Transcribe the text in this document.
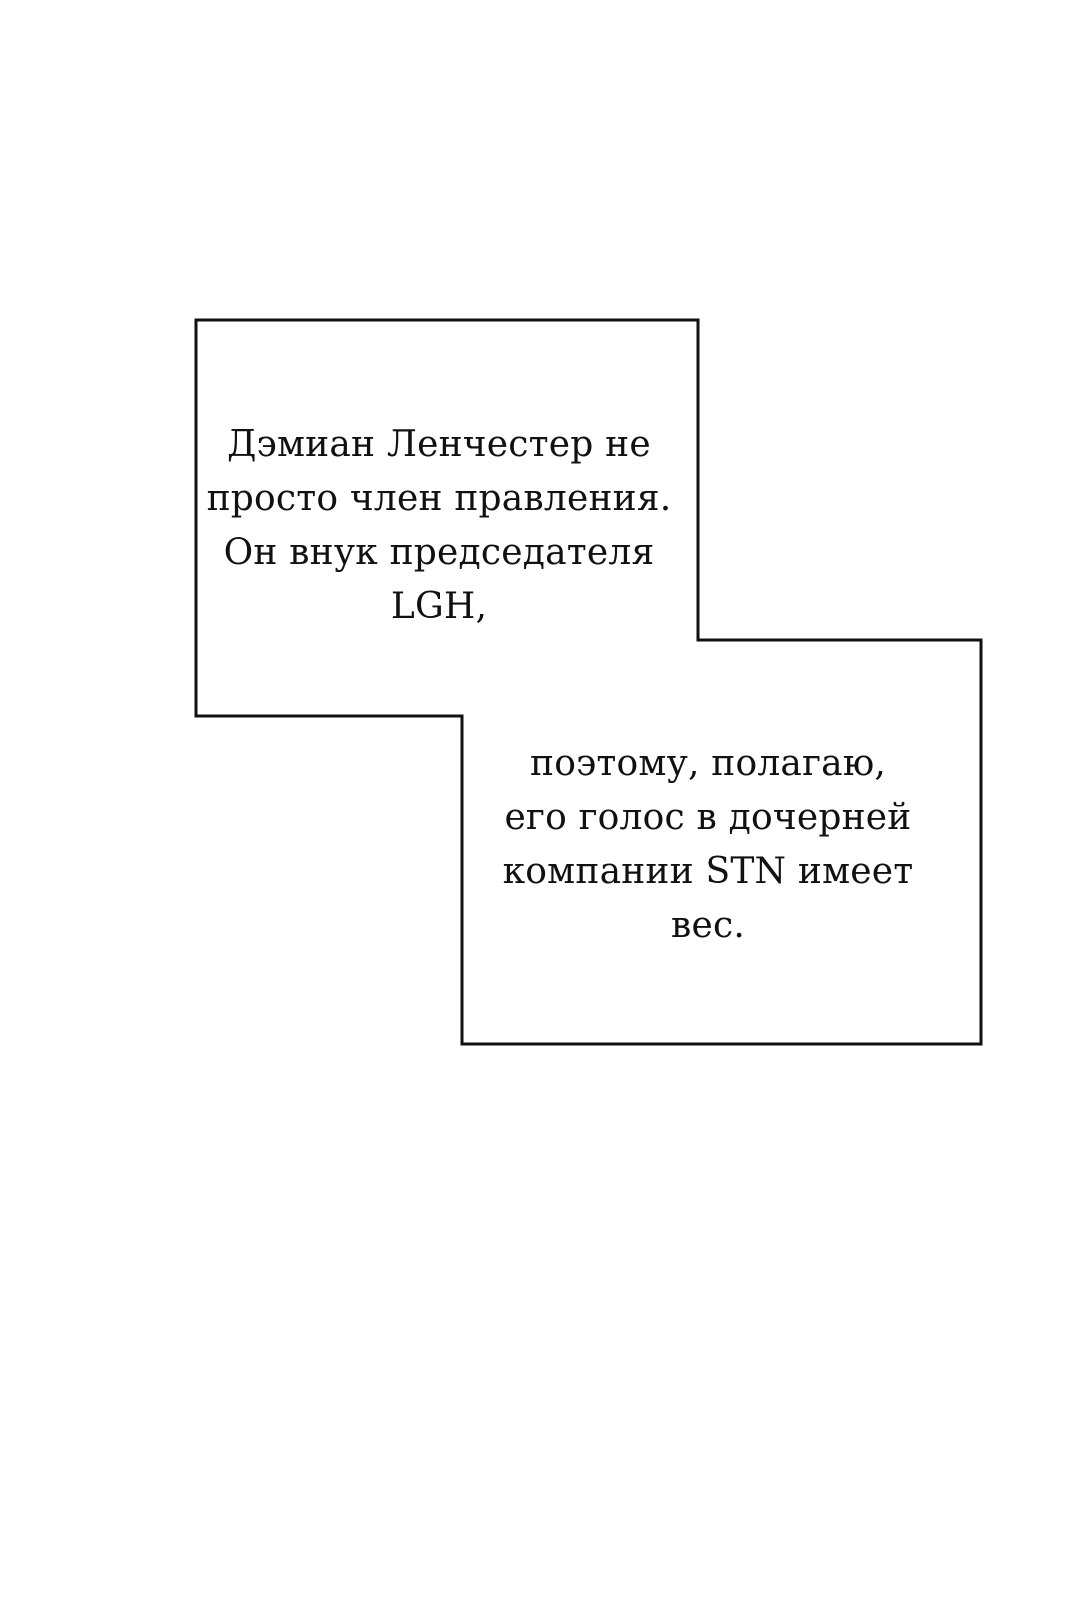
Дэмиан Ленчестер не
просто член правления.
Он внук председателя
LGH,
поэтому, полагаю,
его голос в дочерней
компании STN имеет
вес.
